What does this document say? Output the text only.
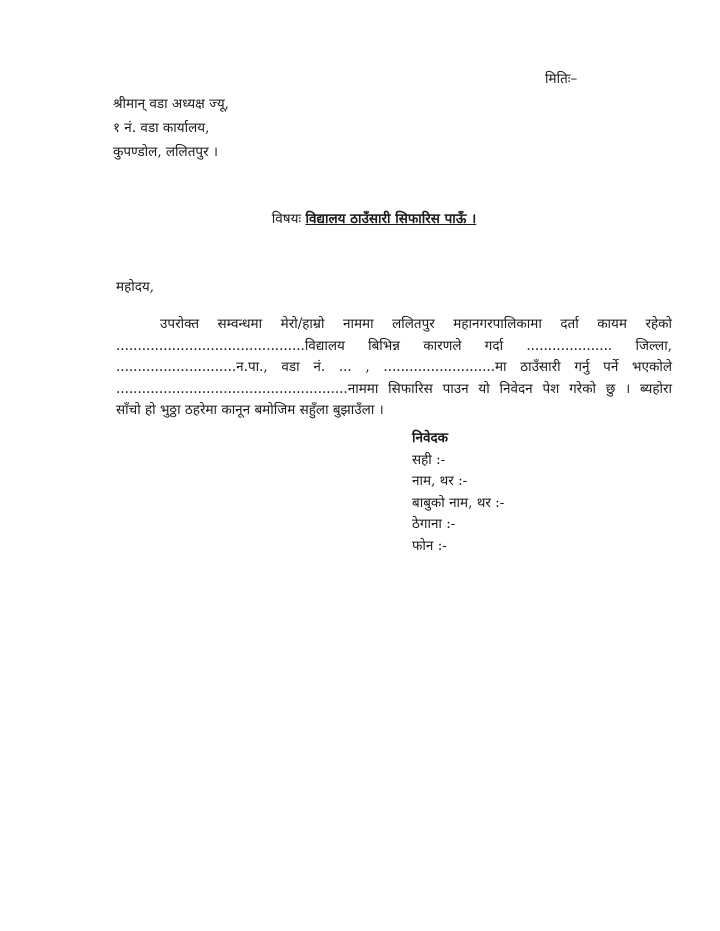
मितिः–
श्रीमान् वडा अध्यक्ष ज्यू,
१ नं. वडा कार्यालय,
कुपण्डोल, ललितपुर ।
विषयः विद्यालय ठाउँसारी सिफारिस पाऊँ ।
महोदय,
उपरोक्त सम्वन्धमा मेरो/हाम्रो नाममा ललितपुर महानगरपालिकामा दर्ता कायम रहेको
............................................विद्यालय बिभिन्न कारणले गर्दा .................... जिल्ला,
............................न.पा., वडा नं. ... , ..........................मा ठाउँसारी गर्नु पर्ने भएकोले
......................................................नाममा सिफारिस पाउन यो निवेदन पेश गरेको छु । ब्यहोरा
साँचो हो भुठ्ठा ठहरेमा कानून बमोजिम सहुँला बुझाउँला ।
निवेदक
सही :-
नाम, थर :-
बाबुको नाम, थर :-
ठेगाना :-
फोन :-
